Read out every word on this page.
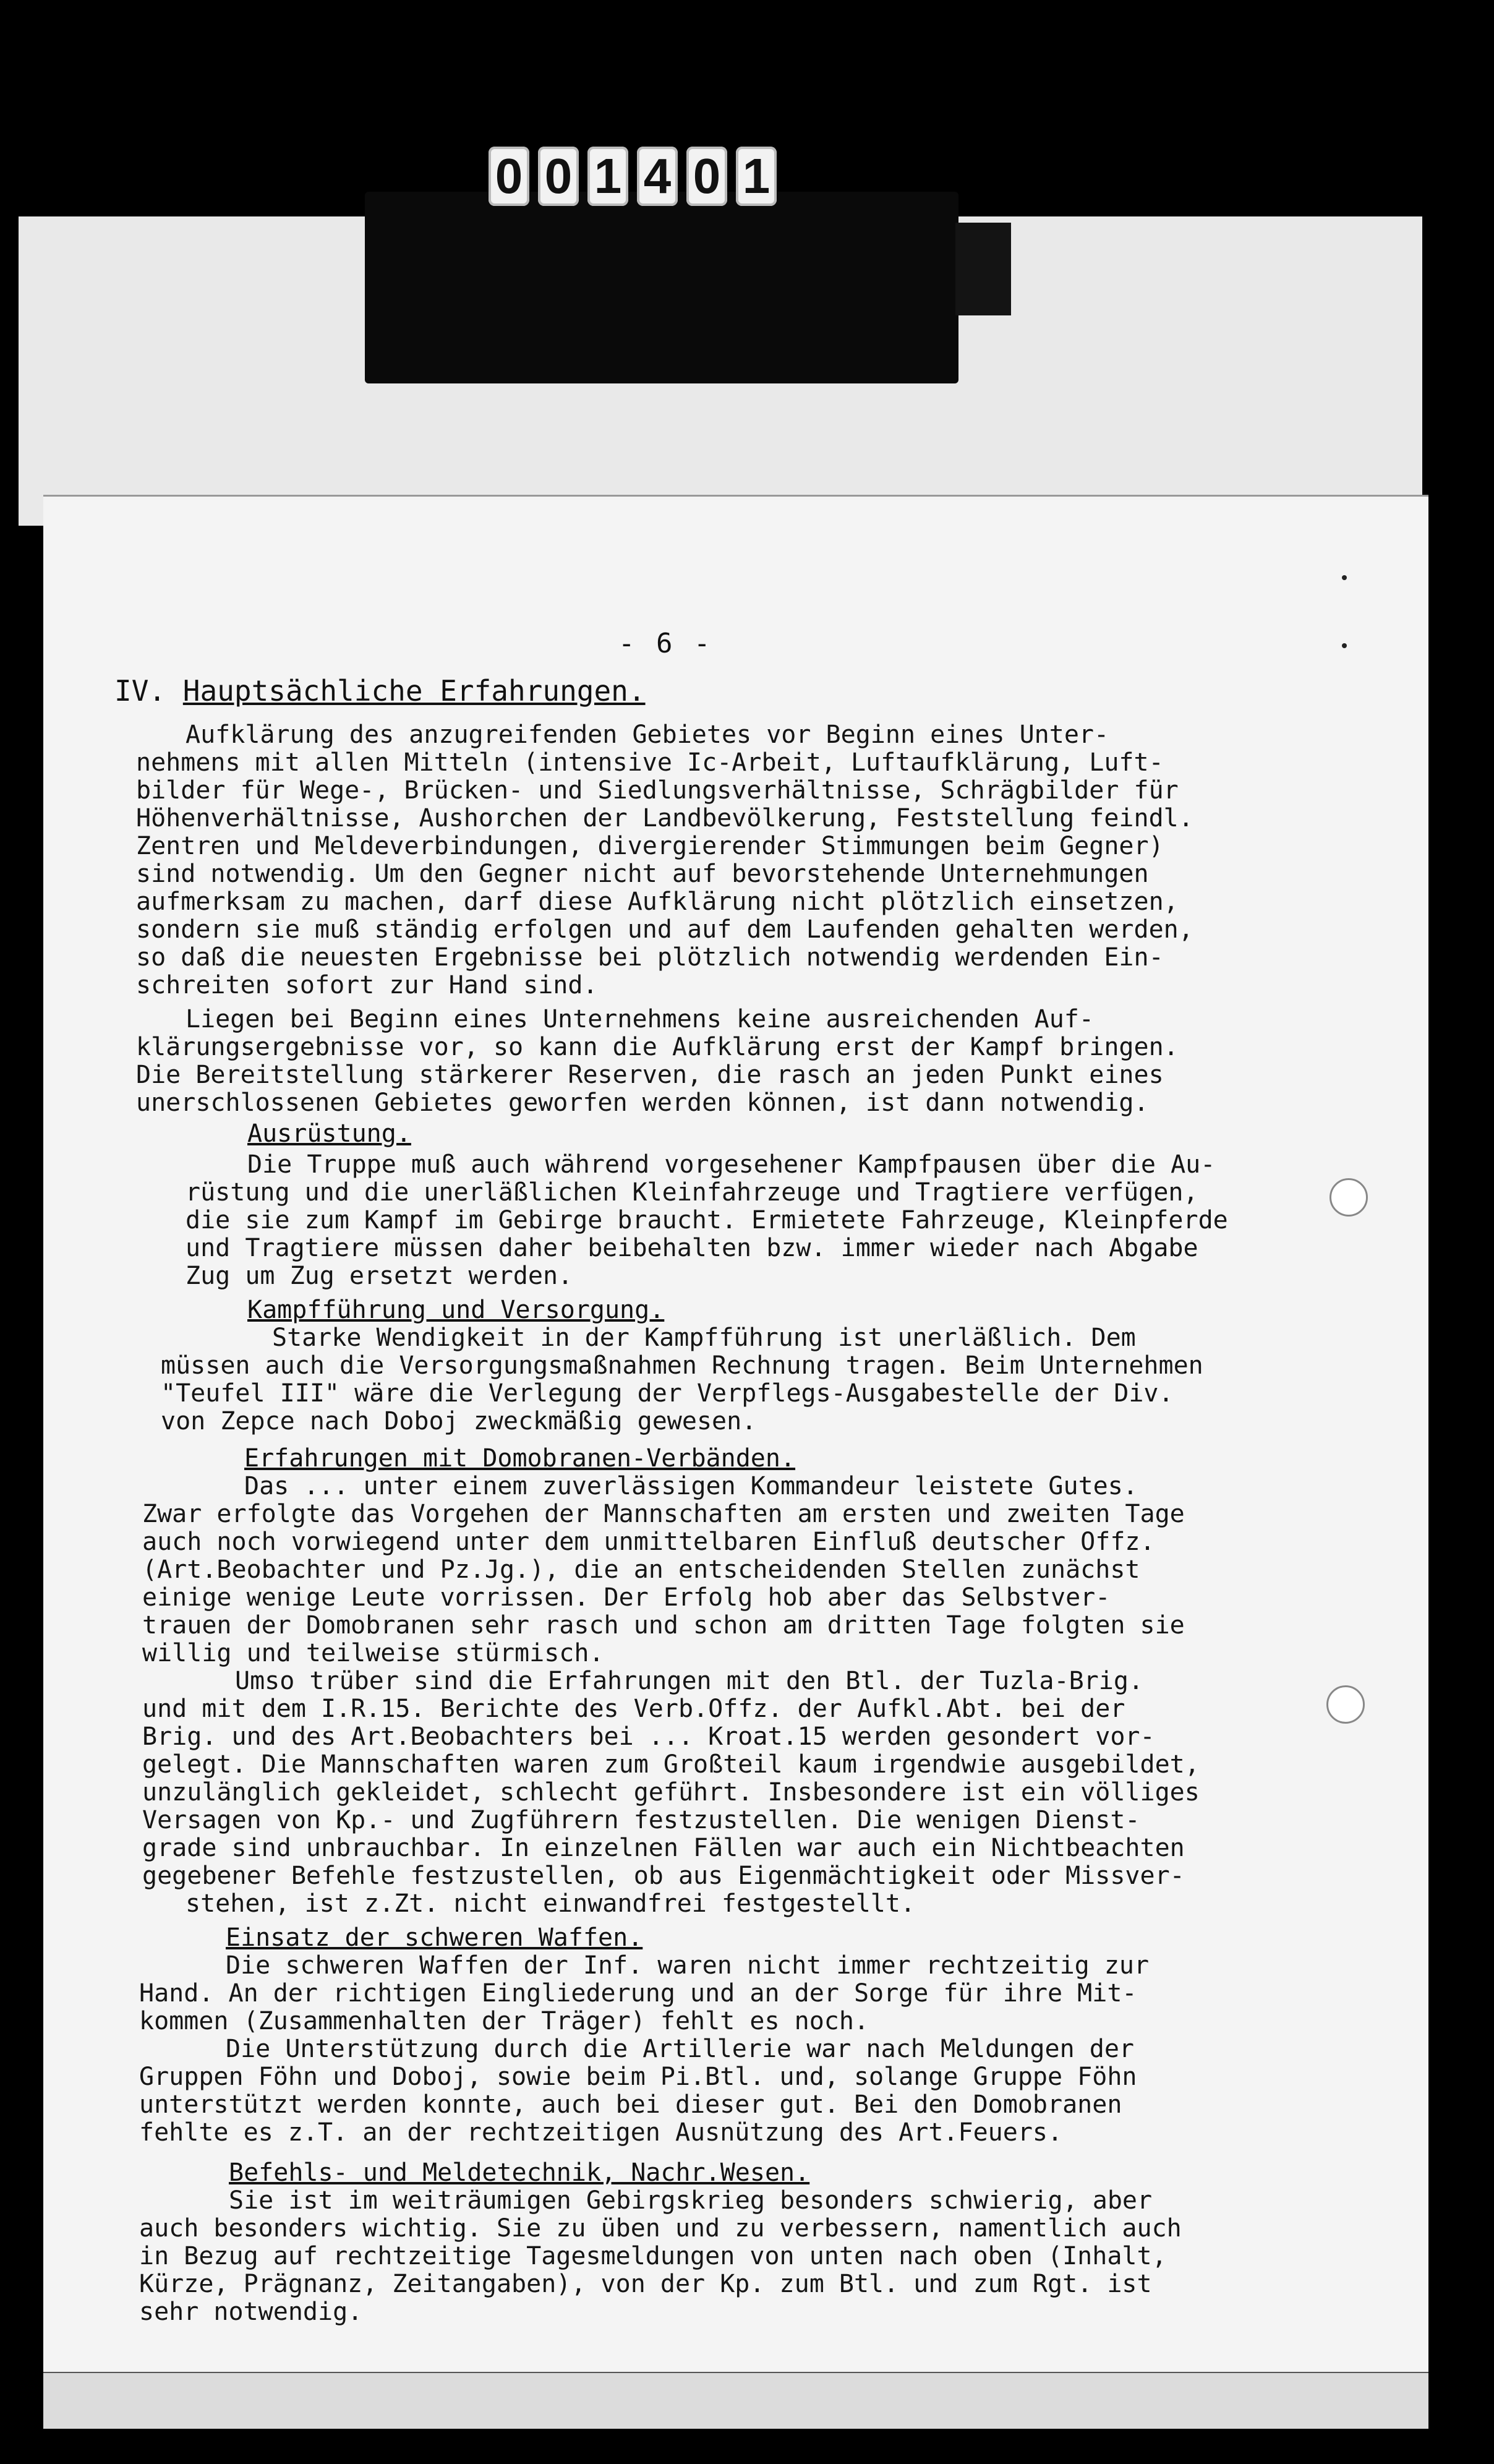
0 0 1 4 0 1
- 6 -
IV. Hauptsächliche Erfahrungen.
Aufklärung des anzugreifenden Gebietes vor Beginn eines Unter-
nehmens mit allen Mitteln (intensive Ic-Arbeit, Luftaufklärung, Luft-
bilder für Wege-, Brücken- und Siedlungsverhältnisse, Schrägbilder für
Höhenverhältnisse, Aushorchen der Landbevölkerung, Feststellung feindl.
Zentren und Meldeverbindungen, divergierender Stimmungen beim Gegner)
sind notwendig. Um den Gegner nicht auf bevorstehende Unternehmungen
aufmerksam zu machen, darf diese Aufklärung nicht plötzlich einsetzen,
sondern sie muß ständig erfolgen und auf dem Laufenden gehalten werden,
so daß die neuesten Ergebnisse bei plötzlich notwendig werdenden Ein-
schreiten sofort zur Hand sind.
Liegen bei Beginn eines Unternehmens keine ausreichenden Auf-
klärungsergebnisse vor, so kann die Aufklärung erst der Kampf bringen.
Die Bereitstellung stärkerer Reserven, die rasch an jeden Punkt eines
unerschlossenen Gebietes geworfen werden können, ist dann notwendig.
Ausrüstung.
Die Truppe muß auch während vorgesehener Kampfpausen über die Au-
rüstung und die unerläßlichen Kleinfahrzeuge und Tragtiere verfügen,
die sie zum Kampf im Gebirge braucht. Ermietete Fahrzeuge, Kleinpferde
und Tragtiere müssen daher beibehalten bzw. immer wieder nach Abgabe
Zug um Zug ersetzt werden.
Kampfführung und Versorgung.
Starke Wendigkeit in der Kampfführung ist unerläßlich. Dem
müssen auch die Versorgungsmaßnahmen Rechnung tragen. Beim Unternehmen
"Teufel III" wäre die Verlegung der Verpflegs-Ausgabestelle der Div.
von Zepce nach Doboj zweckmäßig gewesen.
Erfahrungen mit Domobranen-Verbänden.
Das ... unter einem zuverlässigen Kommandeur leistete Gutes.
Zwar erfolgte das Vorgehen der Mannschaften am ersten und zweiten Tage
auch noch vorwiegend unter dem unmittelbaren Einfluß deutscher Offz.
(Art.Beobachter und Pz.Jg.), die an entscheidenden Stellen zunächst
einige wenige Leute vorrissen. Der Erfolg hob aber das Selbstver-
trauen der Domobranen sehr rasch und schon am dritten Tage folgten sie
willig und teilweise stürmisch.
Umso trüber sind die Erfahrungen mit den Btl. der Tuzla-Brig.
und mit dem I.R.15. Berichte des Verb.Offz. der Aufkl.Abt. bei der
Brig. und des Art.Beobachters bei ... Kroat.15 werden gesondert vor-
gelegt. Die Mannschaften waren zum Großteil kaum irgendwie ausgebildet,
unzulänglich gekleidet, schlecht geführt. Insbesondere ist ein völliges
Versagen von Kp.- und Zugführern festzustellen. Die wenigen Dienst-
grade sind unbrauchbar. In einzelnen Fällen war auch ein Nichtbeachten
gegebener Befehle festzustellen, ob aus Eigenmächtigkeit oder Missver-
stehen, ist z.Zt. nicht einwandfrei festgestellt.
Einsatz der schweren Waffen.
Die schweren Waffen der Inf. waren nicht immer rechtzeitig zur
Hand. An der richtigen Eingliederung und an der Sorge für ihre Mit-
kommen (Zusammenhalten der Träger) fehlt es noch.
Die Unterstützung durch die Artillerie war nach Meldungen der
Gruppen Föhn und Doboj, sowie beim Pi.Btl. und, solange Gruppe Föhn
unterstützt werden konnte, auch bei dieser gut. Bei den Domobranen
fehlte es z.T. an der rechtzeitigen Ausnützung des Art.Feuers.
Befehls- und Meldetechnik, Nachr.Wesen.
Sie ist im weiträumigen Gebirgskrieg besonders schwierig, aber
auch besonders wichtig. Sie zu üben und zu verbessern, namentlich auch
in Bezug auf rechtzeitige Tagesmeldungen von unten nach oben (Inhalt,
Kürze, Prägnanz, Zeitangaben), von der Kp. zum Btl. und zum Rgt. ist
sehr notwendig.
